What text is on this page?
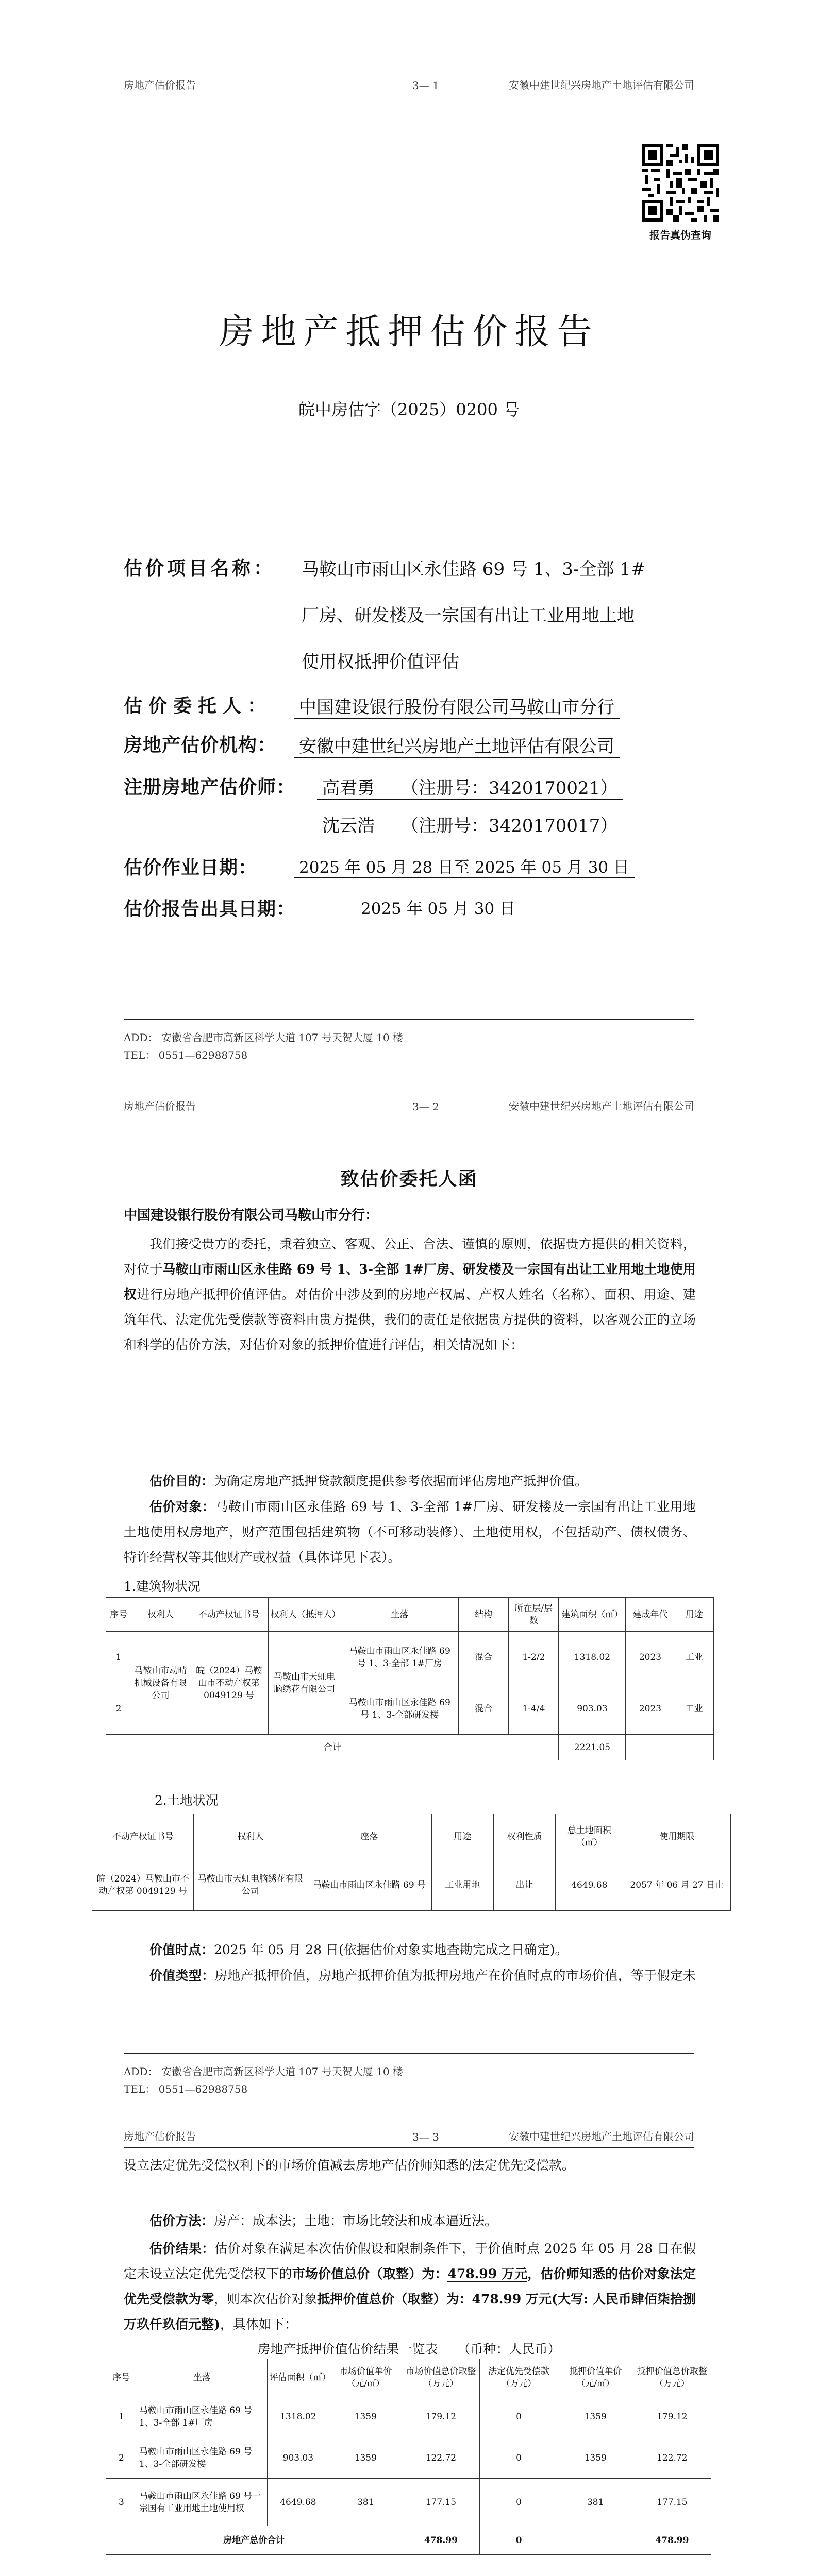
房地产估价报告	3— 1	安徽中建世纪兴房地产土地评估有限公司
报告真伪查询
房地产抵押估价报告
皖中房估字（2025）0200 号
估价项目名称： 马鞍山市雨山区永佳路 69 号 1、3-全部 1#
厂房、研发楼及一宗国有出让工业用地土地
使用权抵押价值评估
估价委托人： 中国建设银行股份有限公司马鞍山市分行
房地产估价机构： 安徽中建世纪兴房地产土地评估有限公司
注册房地产估价师： 高君勇　　（注册号：3420170021）
沈云浩　　（注册号：3420170017）
估价作业日期：	2025 年 05 月 28 日至 2025 年 05 月 30 日
估价报告出具日期：	2025 年 05 月 30 日
ADD： 安徽省合肥市高新区科学大道 107 号天贺大厦 10 楼
TEL： 0551—62988758
房地产估价报告	3— 2	安徽中建世纪兴房地产土地评估有限公司
致估价委托人函
中国建设银行股份有限公司马鞍山市分行：
我们接受贵方的委托，秉着独立、客观、公正、合法、谨慎的原则，依据贵方提供的相关资料，对位于马鞍山市雨山区永佳路 69 号 1、3-全部 1#厂房、研发楼及一宗国有出让工业用地土地使用权进行房地产抵押价值评估。对估价中涉及到的房地产权属、产权人姓名（名称）、面积、用途、建筑年代、法定优先受偿款等资料由贵方提供，我们的责任是依据贵方提供的资料，以客观公正的立场和科学的估价方法，对估价对象的抵押价值进行评估，相关情况如下：
估价目的：为确定房地产抵押贷款额度提供参考依据而评估房地产抵押价值。
估价对象：马鞍山市雨山区永佳路 69 号 1、3-全部 1#厂房、研发楼及一宗国有出让工业用地土地使用权房地产，财产范围包括建筑物（不可移动装修）、土地使用权，不包括动产、债权债务、特许经营权等其他财产或权益（具体详见下表）。
1.建筑物状况
序号	权利人	不动产权证书号	权利人（抵押人）	坐落	结构	所在层/层数	建筑面积（㎡）	建成年代	用途
1	马鞍山市动晴机械设备有限公司	皖（2024）马鞍山市不动产权第 0049129 号	马鞍山市天虹电脑绣花有限公司	马鞍山市雨山区永佳路 69 号 1、3-全部 1#厂房	混合	1-2/2	1318.02	2023	工业
2				马鞍山市雨山区永佳路 69 号 1、3-全部研发楼	混合	1-4/4	903.03	2023	工业
合计							2221.05		
2.土地状况
不动产权证书号	权利人	座落	用途	权利性质	总土地面积（㎡）	使用期限
皖（2024）马鞍山市不动产权第 0049129 号	马鞍山市天虹电脑绣花有限公司	马鞍山市雨山区永佳路 69 号	工业用地	出让	4649.68	2057 年 06 月 27 日止
价值时点：2025 年 05 月 28 日(依据估价对象实地查勘完成之日确定)。
价值类型：房地产抵押价值，房地产抵押价值为抵押房地产在价值时点的市场价值，等于假定未
ADD： 安徽省合肥市高新区科学大道 107 号天贺大厦 10 楼
TEL： 0551—62988758
房地产估价报告	3— 3	安徽中建世纪兴房地产土地评估有限公司
设立法定优先受偿权利下的市场价值减去房地产估价师知悉的法定优先受偿款。
估价方法：房产：成本法；土地：市场比较法和成本逼近法。
估价结果：估价对象在满足本次估价假设和限制条件下，于价值时点 2025 年 05 月 28 日在假定未设立法定优先受偿权下的市场价值总价（取整）为：478.99 万元，估价师知悉的估价对象法定优先受偿款为零，则本次估价对象抵押价值总价（取整）为：478.99 万元(大写: 人民币肆佰柒拾捌万玖仟玖佰元整)，具体如下：
房地产抵押价值估价结果一览表 （币种：人民币）
序号	坐落	评估面积（㎡）	市场价值单价（元/㎡）	市场价值总价取整（万元）	法定优先受偿款（万元）	抵押价值单价（元/㎡）	抵押价值总价取整（万元）
1	马鞍山市雨山区永佳路 69 号 1、3-全部 1#厂房	1318.02	1359	179.12	0	1359	179.12
2	马鞍山市雨山区永佳路 69 号 1、3-全部研发楼	903.03	1359	122.72	0	1359	122.72
3	马鞍山市雨山区永佳路 69 号一宗国有工业用地土地使用权	4649.68	381	177.15	0	381	177.15
房地产总价合计				478.99	0		478.99
